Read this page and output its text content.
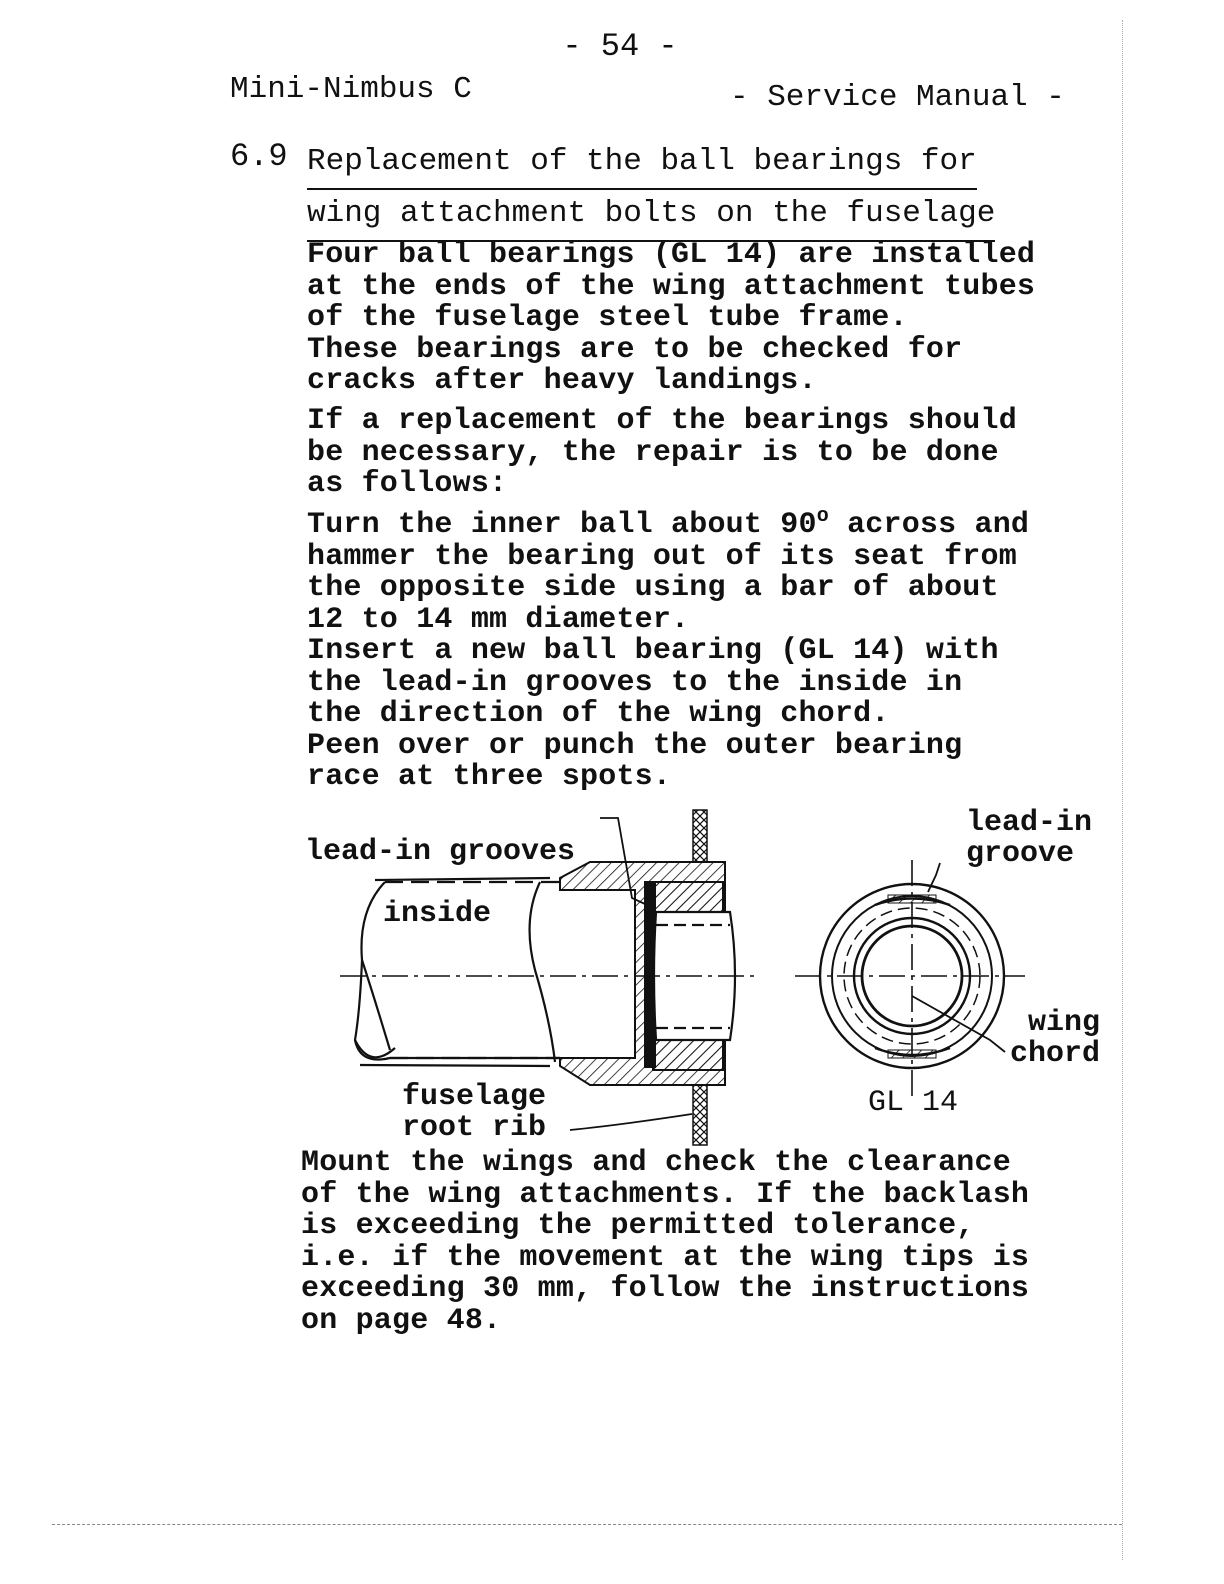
- 54 -
Mini-Nimbus C	- Service Manual -
6.9 Replacement of the ball bearings for
wing attachment bolts on the fuselage
Four ball bearings (GL 14) are installed
at the ends of the wing attachment tubes
of the fuselage steel tube frame.
These bearings are to be checked for
cracks after heavy landings.
If a replacement of the bearings should
be necessary, the repair is to be done
as follows:
Turn the inner ball about 90$^o$ across and
hammer the bearing out of its seat from
the opposite side using a bar of about
12 to 14 mm diameter.
Insert a new ball bearing (GL 14) with
the lead-in grooves to the inside in
the direction of the wing chord.
Peen over or punch the outer bearing
race at three spots.

lead-in grooves

inside

lead-in
groove
fuselage
root rib
wing
chord
GL 14
Mount the wings and check the clearance
of the wing attachments. If the backlash
is exceeding the permitted tolerance,
i.e. if the movement at the wing tips is
exceeding 30 mm, follow the instructions
on page 48.
